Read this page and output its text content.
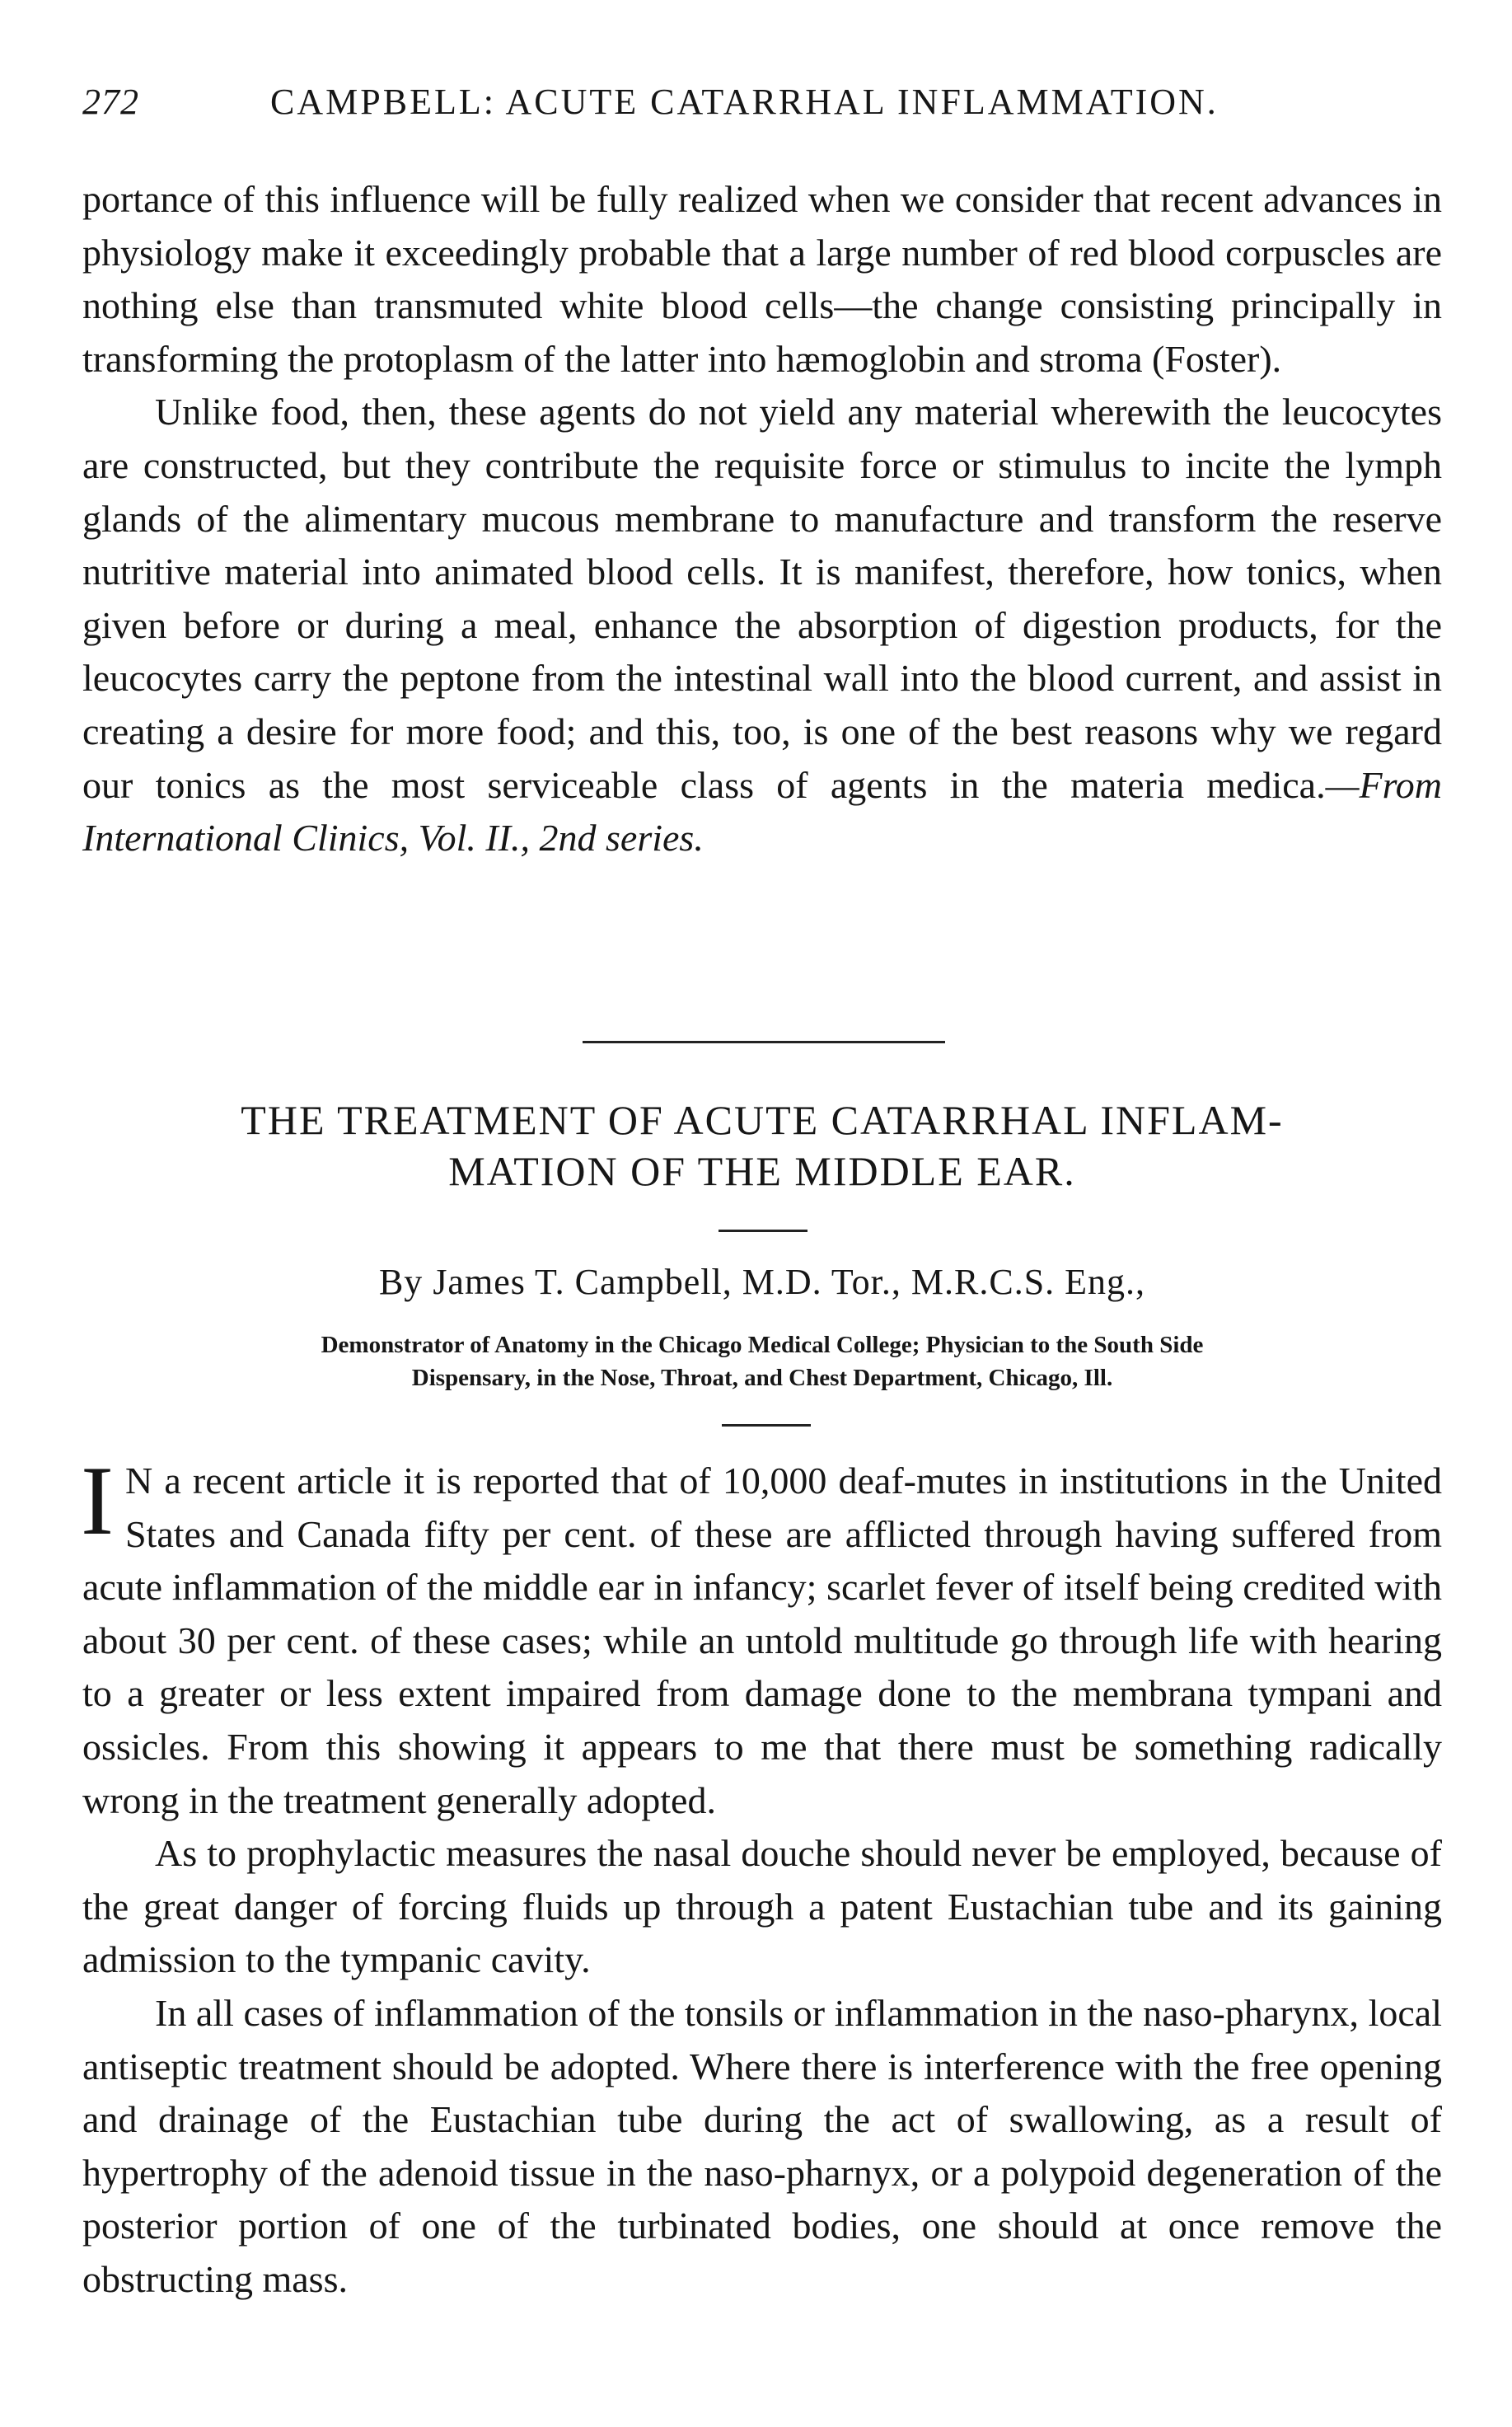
272	CAMPBELL: ACUTE CATARRHAL INFLAMMATION.

portance of this influence will be fully realized when we consider that recent advances in physiology make it exceedingly probable that a large number of red blood corpuscles are nothing else than transmuted white blood cells—the change consisting principally in transforming the protoplasm of the latter into hæmoglobin and stroma (Foster).

Unlike food, then, these agents do not yield any material wherewith the leucocytes are constructed, but they contribute the requisite force or stimulus to incite the lymph glands of the alimentary mucous membrane to manufacture and transform the reserve nutritive material into animated blood cells. It is manifest, therefore, how tonics, when given before or during a meal, enhance the absorption of digestion products, for the leucocytes carry the peptone from the intestinal wall into the blood current, and assist in creating a desire for more food; and this, too, is one of the best reasons why we regard our tonics as the most serviceable class of agents in the materia medica.—From International Clinics, Vol. II., 2nd series.

THE TREATMENT OF ACUTE CATARRHAL INFLAM-
MATION OF THE MIDDLE EAR.
By James T. Campbell, M.D. Tor., M.R.C.S. Eng.,
Demonstrator of Anatomy in the Chicago Medical College; Physician to the South Side
Dispensary, in the Nose, Throat, and Chest Department, Chicago, Ill.

I N a recent article it is reported that of 10,000 deaf-mutes in institutions in the United States and Canada fifty per cent. of these are afflicted through having suffered from acute inflammation of the middle ear in infancy; scarlet fever of itself being credited with about 30 per cent. of these cases; while an untold multitude go through life with hearing to a greater or less extent impaired from damage done to the membrana tympani and ossicles. From this showing it appears to me that there must be something radically wrong in the treatment generally adopted.

As to prophylactic measures the nasal douche should never be employed, because of the great danger of forcing fluids up through a patent Eustachian tube and its gaining admission to the tympanic cavity.

In all cases of inflammation of the tonsils or inflammation in the naso-pharynx, local antiseptic treatment should be adopted. Where there is interference with the free opening and drainage of the Eustachian tube during the act of swallowing, as a result of hypertrophy of the adenoid tissue in the naso-pharnyx, or a polypoid degeneration of the posterior portion of one of the turbinated bodies, one should at once remove the obstructing mass.
